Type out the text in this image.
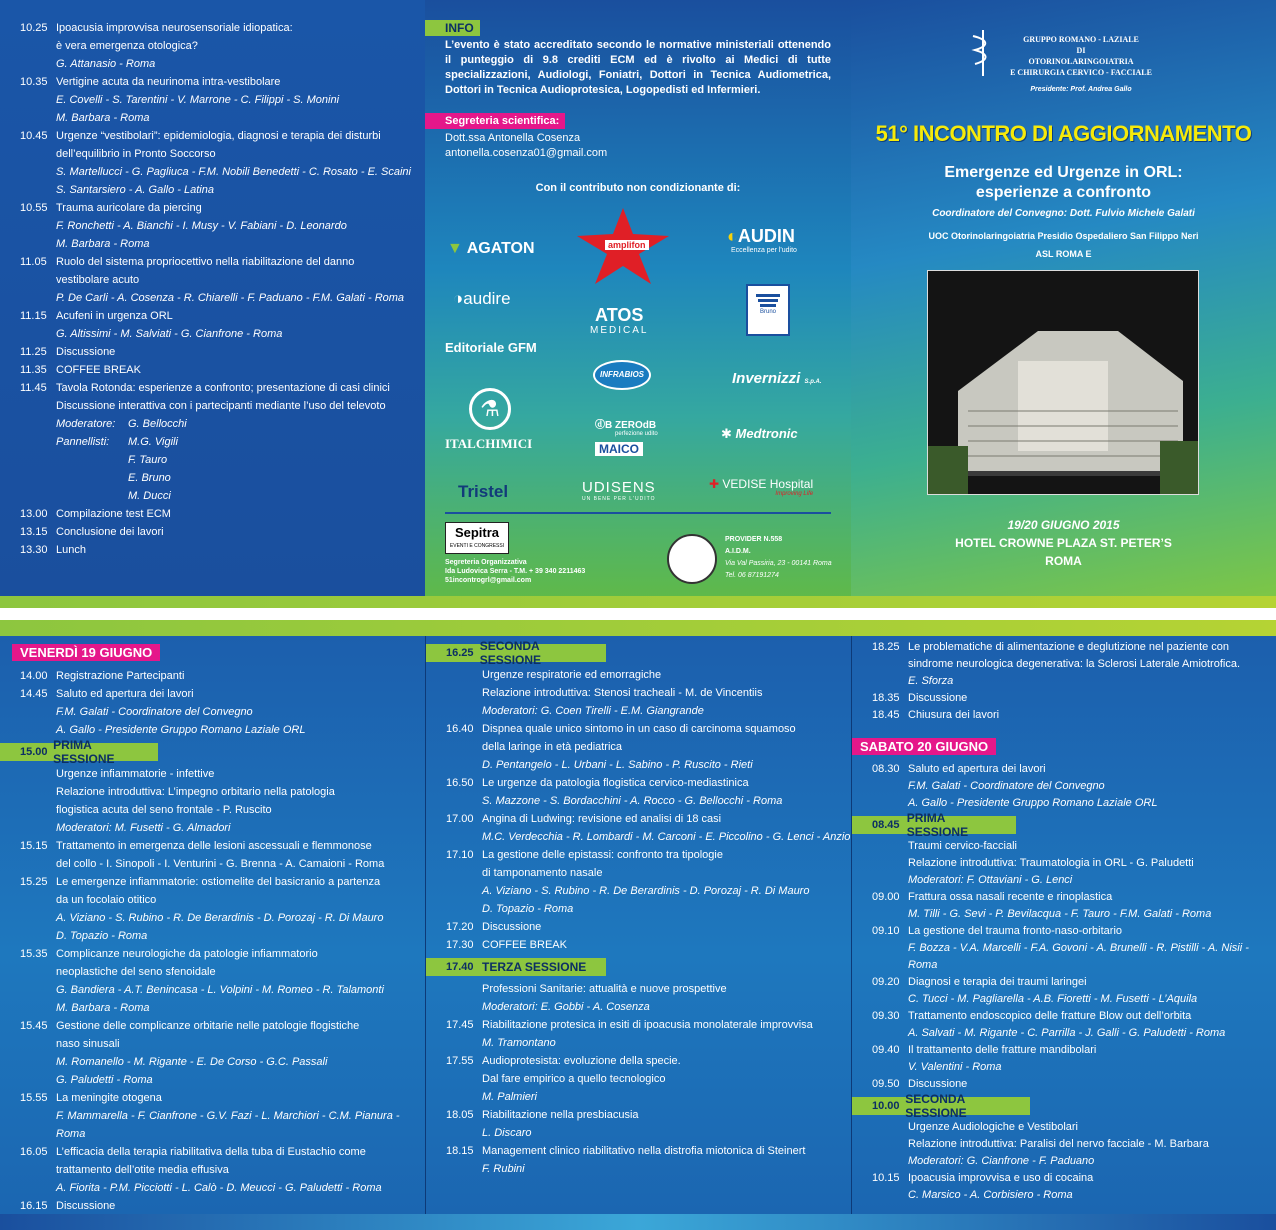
10.25 Ipoacusia improvvisa neurosensoriale idiopatica:
è vera emergenza otologica?
G. Attanasio - Roma
10.35 Vertigine acuta da neurinoma intra-vestibolare
E. Covelli - S. Tarentini - V. Marrone - C. Filippi - S. Monini
M. Barbara - Roma
10.45 Urgenze “vestibolari”: epidemiologia, diagnosi e terapia dei disturbi
dell’equilibrio in Pronto Soccorso
S. Martellucci - G. Pagliuca - F.M. Nobili Benedetti - C. Rosato - E. Scaini
S. Santarsiero - A. Gallo - Latina
10.55 Trauma auricolare da piercing
F. Ronchetti - A. Bianchi - I. Musy - V. Fabiani - D. Leonardo
M. Barbara - Roma
11.05 Ruolo del sistema propriocettivo nella riabilitazione del danno
vestibolare acuto
P. De Carli - A. Cosenza - R. Chiarelli - F. Paduano - F.M. Galati - Roma
11.15 Acufeni in urgenza ORL
G. Altissimi - M. Salviati - G. Cianfrone - Roma
11.25 Discussione
11.35 COFFEE BREAK
11.45 Tavola Rotonda: esperienze a confronto; presentazione di casi clinici
Discussione interattiva con i partecipanti mediante l’uso del televoto
Moderatore:	G. Bellocchi
Pannellisti:	M.G. Vigili
F. Tauro
E. Bruno
M. Ducci
13.00 Compilazione test ECM
13.15 Conclusione dei lavori
13.30 Lunch
INFO
L’evento è stato accreditato secondo le normative ministeriali ottenendo il punteggio di 9.8 crediti ECM ed è rivolto ai Medici di tutte specializzazioni, Audiologi, Foniatri, Dottori in Tecnica Audiometrica, Dottori in Tecnica Audioprotesica, Logopedisti ed Infermieri.
Segreteria scientifica:
Dott.ssa Antonella Cosenza
antonella.cosenza01@gmail.com
Con il contributo non condizionante di:
▼ AGATON	amplifon	◐AUDIN
Eccellenza per l'udito
◑audire
ATOS
MEDICAL
Bruno
Editoriale GFM
INFRABIOS	Invernizzi S.p.A.
⚗
ITALCHIMICI
ⓓB ZEROdB
perfezione udito
MAICO
✱ Medtronic
Tristel	UDISENS
UN BENE PER L'UDITO
✚ VEDISE Hospital
Improving Life
Sepitra
EVENTI E CONGRESSI
Segreteria Organizzativa
Ida Ludovica Serra - T.M. + 39 340 2211463
51incontrogrl@gmail.com
PROVIDER N.558
A.I.D.M.
Via Val Passiria, 23 - 00141 Roma
Tel. 06 87191274
GRUPPO ROMANO - LAZIALE
DI
OTORINOLARINGOIATRIA
E CHIRURGIA CERVICO - FACCIALE
Presidente: Prof. Andrea Gallo
51° INCONTRO DI AGGIORNAMENTO
Emergenze ed Urgenze in ORL:
esperienze a confronto
Coordinatore del Convegno: Dott. Fulvio Michele Galati
UOC Otorinolaringoiatria Presidio Ospedaliero San Filippo Neri
ASL ROMA E
19/20 GIUGNO 2015
HOTEL CROWNE PLAZA ST. PETER’S
ROMA
VENERDÌ 19 GIUGNO
14.00 Registrazione Partecipanti
14.45 Saluto ed apertura dei lavori
F.M. Galati - Coordinatore del Convegno
A. Gallo - Presidente Gruppo Romano Laziale ORL
15.00 PRIMA SESSIONE
Urgenze infiammatorie - infettive
Relazione introduttiva: L’impegno orbitario nella patologia
flogistica acuta del seno frontale - P. Ruscito
Moderatori: M. Fusetti - G. Almadori
15.15 Trattamento in emergenza delle lesioni ascessuali e flemmonose
del collo - I. Sinopoli - I. Venturini - G. Brenna - A. Camaioni - Roma
15.25 Le emergenze infiammatorie: ostiomelite del basicranio a partenza
da un focolaio otitico
A. Viziano - S. Rubino - R. De Berardinis - D. Porozaj - R. Di Mauro
D. Topazio - Roma
15.35 Complicanze neurologiche da patologie infiammatorio
neoplastiche del seno sfenoidale
G. Bandiera - A.T. Benincasa - L. Volpini - M. Romeo - R. Talamonti
M. Barbara - Roma
15.45 Gestione delle complicanze orbitarie nelle patologie flogistiche
naso sinusali
M. Romanello - M. Rigante - E. De Corso - G.C. Passali
G. Paludetti - Roma
15.55 La meningite otogena
F. Mammarella - F. Cianfrone - G.V. Fazi - L. Marchiori - C.M. Pianura - Roma
16.05 L’efficacia della terapia riabilitativa della tuba di Eustachio come
trattamento dell’otite media effusiva
A. Fiorita - P.M. Picciotti - L. Calò - D. Meucci - G. Paludetti - Roma
16.15 Discussione
16.25 SECONDA SESSIONE
Urgenze respiratorie ed emorragiche
Relazione introduttiva: Stenosi tracheali - M. de Vincentiis
Moderatori: G. Coen Tirelli - E.M. Giangrande
16.40 Dispnea quale unico sintomo in un caso di carcinoma squamoso
della laringe in età pediatrica
D. Pentangelo - L. Urbani - L. Sabino - P. Ruscito - Rieti
16.50 Le urgenze da patologia flogistica cervico-mediastinica
S. Mazzone - S. Bordacchini - A. Rocco - G. Bellocchi - Roma
17.00 Angina di Ludwing: revisione ed analisi di 18 casi
M.C. Verdecchia - R. Lombardi - M. Carconi - E. Piccolino - G. Lenci - Anzio
17.10 La gestione delle epistassi: confronto tra tipologie
di tamponamento nasale
A. Viziano - S. Rubino - R. De Berardinis - D. Porozaj - R. Di Mauro
D. Topazio - Roma
17.20 Discussione
17.30 COFFEE BREAK
17.40 TERZA SESSIONE
Professioni Sanitarie: attualità e nuove prospettive
Moderatori: E. Gobbi - A. Cosenza
17.45 Riabilitazione protesica in esiti di ipoacusia monolaterale improvvisa
M. Tramontano
17.55 Audioprotesista: evoluzione della specie.
Dal fare empirico a quello tecnologico
M. Palmieri
18.05 Riabilitazione nella presbiacusia
L. Discaro
18.15 Management clinico riabilitativo nella distrofia miotonica di Steinert
F. Rubini
18.25 Le problematiche di alimentazione e deglutizione nel paziente con
sindrome neurologica degenerativa: la Sclerosi Laterale Amiotrofica.
E. Sforza
18.35 Discussione
18.45 Chiusura dei lavori
SABATO 20 GIUGNO
08.30 Saluto ed apertura dei lavori
F.M. Galati - Coordinatore del Convegno
A. Gallo - Presidente Gruppo Romano Laziale ORL
08.45 PRIMA SESSIONE
Traumi cervico-facciali
Relazione introduttiva: Traumatologia in ORL - G. Paludetti
Moderatori: F. Ottaviani - G. Lenci
09.00 Frattura ossa nasali recente e rinoplastica
M. Tilli - G. Sevi - P. Bevilacqua - F. Tauro - F.M. Galati - Roma
09.10 La gestione del trauma fronto-naso-orbitario
F. Bozza - V.A. Marcelli - F.A. Govoni - A. Brunelli - R. Pistilli - A. Nisii - Roma
09.20 Diagnosi e terapia dei traumi laringei
C. Tucci - M. Pagliarella - A.B. Fioretti - M. Fusetti - L’Aquila
09.30 Trattamento endoscopico delle fratture Blow out dell’orbita
A. Salvati - M. Rigante - C. Parrilla - J. Galli - G. Paludetti - Roma
09.40 Il trattamento delle fratture mandibolari
V. Valentini - Roma
09.50 Discussione
10.00 SECONDA SESSIONE
Urgenze Audiologiche e Vestibolari
Relazione introduttiva: Paralisi del nervo facciale - M. Barbara
Moderatori: G. Cianfrone - F. Paduano
10.15 Ipoacusia improvvisa e uso di cocaina
C. Marsico - A. Corbisiero - Roma
